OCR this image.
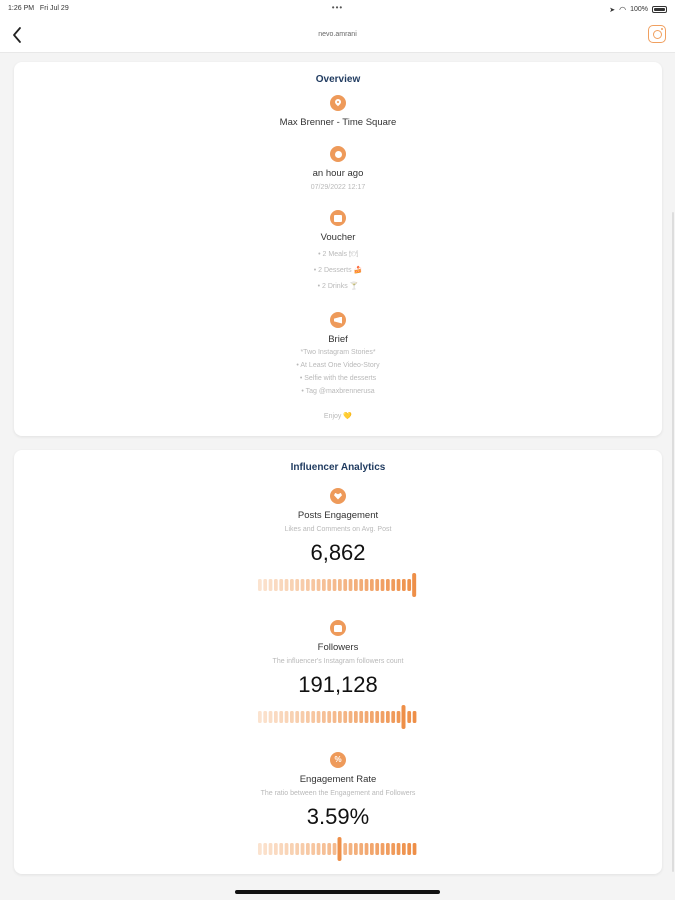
1:26 PM Fri Jul 29	•••	➤ ◠ 100%
nevo.amrani
Overview
Max Brenner - Time Square
an hour ago
07/29/2022 12:17
Voucher
• 2 Meals 🍽
• 2 Desserts 🍰
• 2 Drinks 🍸
Brief
*Two Instagram Stories*
• At Least One Video-Story
• Selfie with the desserts
• Tag @maxbrennerusa
Enjoy 💛
Influencer Analytics
Posts Engagement
Likes and Comments on Avg. Post
6,862
Followers
The influencer's Instagram followers count
191,128
%
Engagement Rate
The ratio between the Engagement and Followers
3.59%
